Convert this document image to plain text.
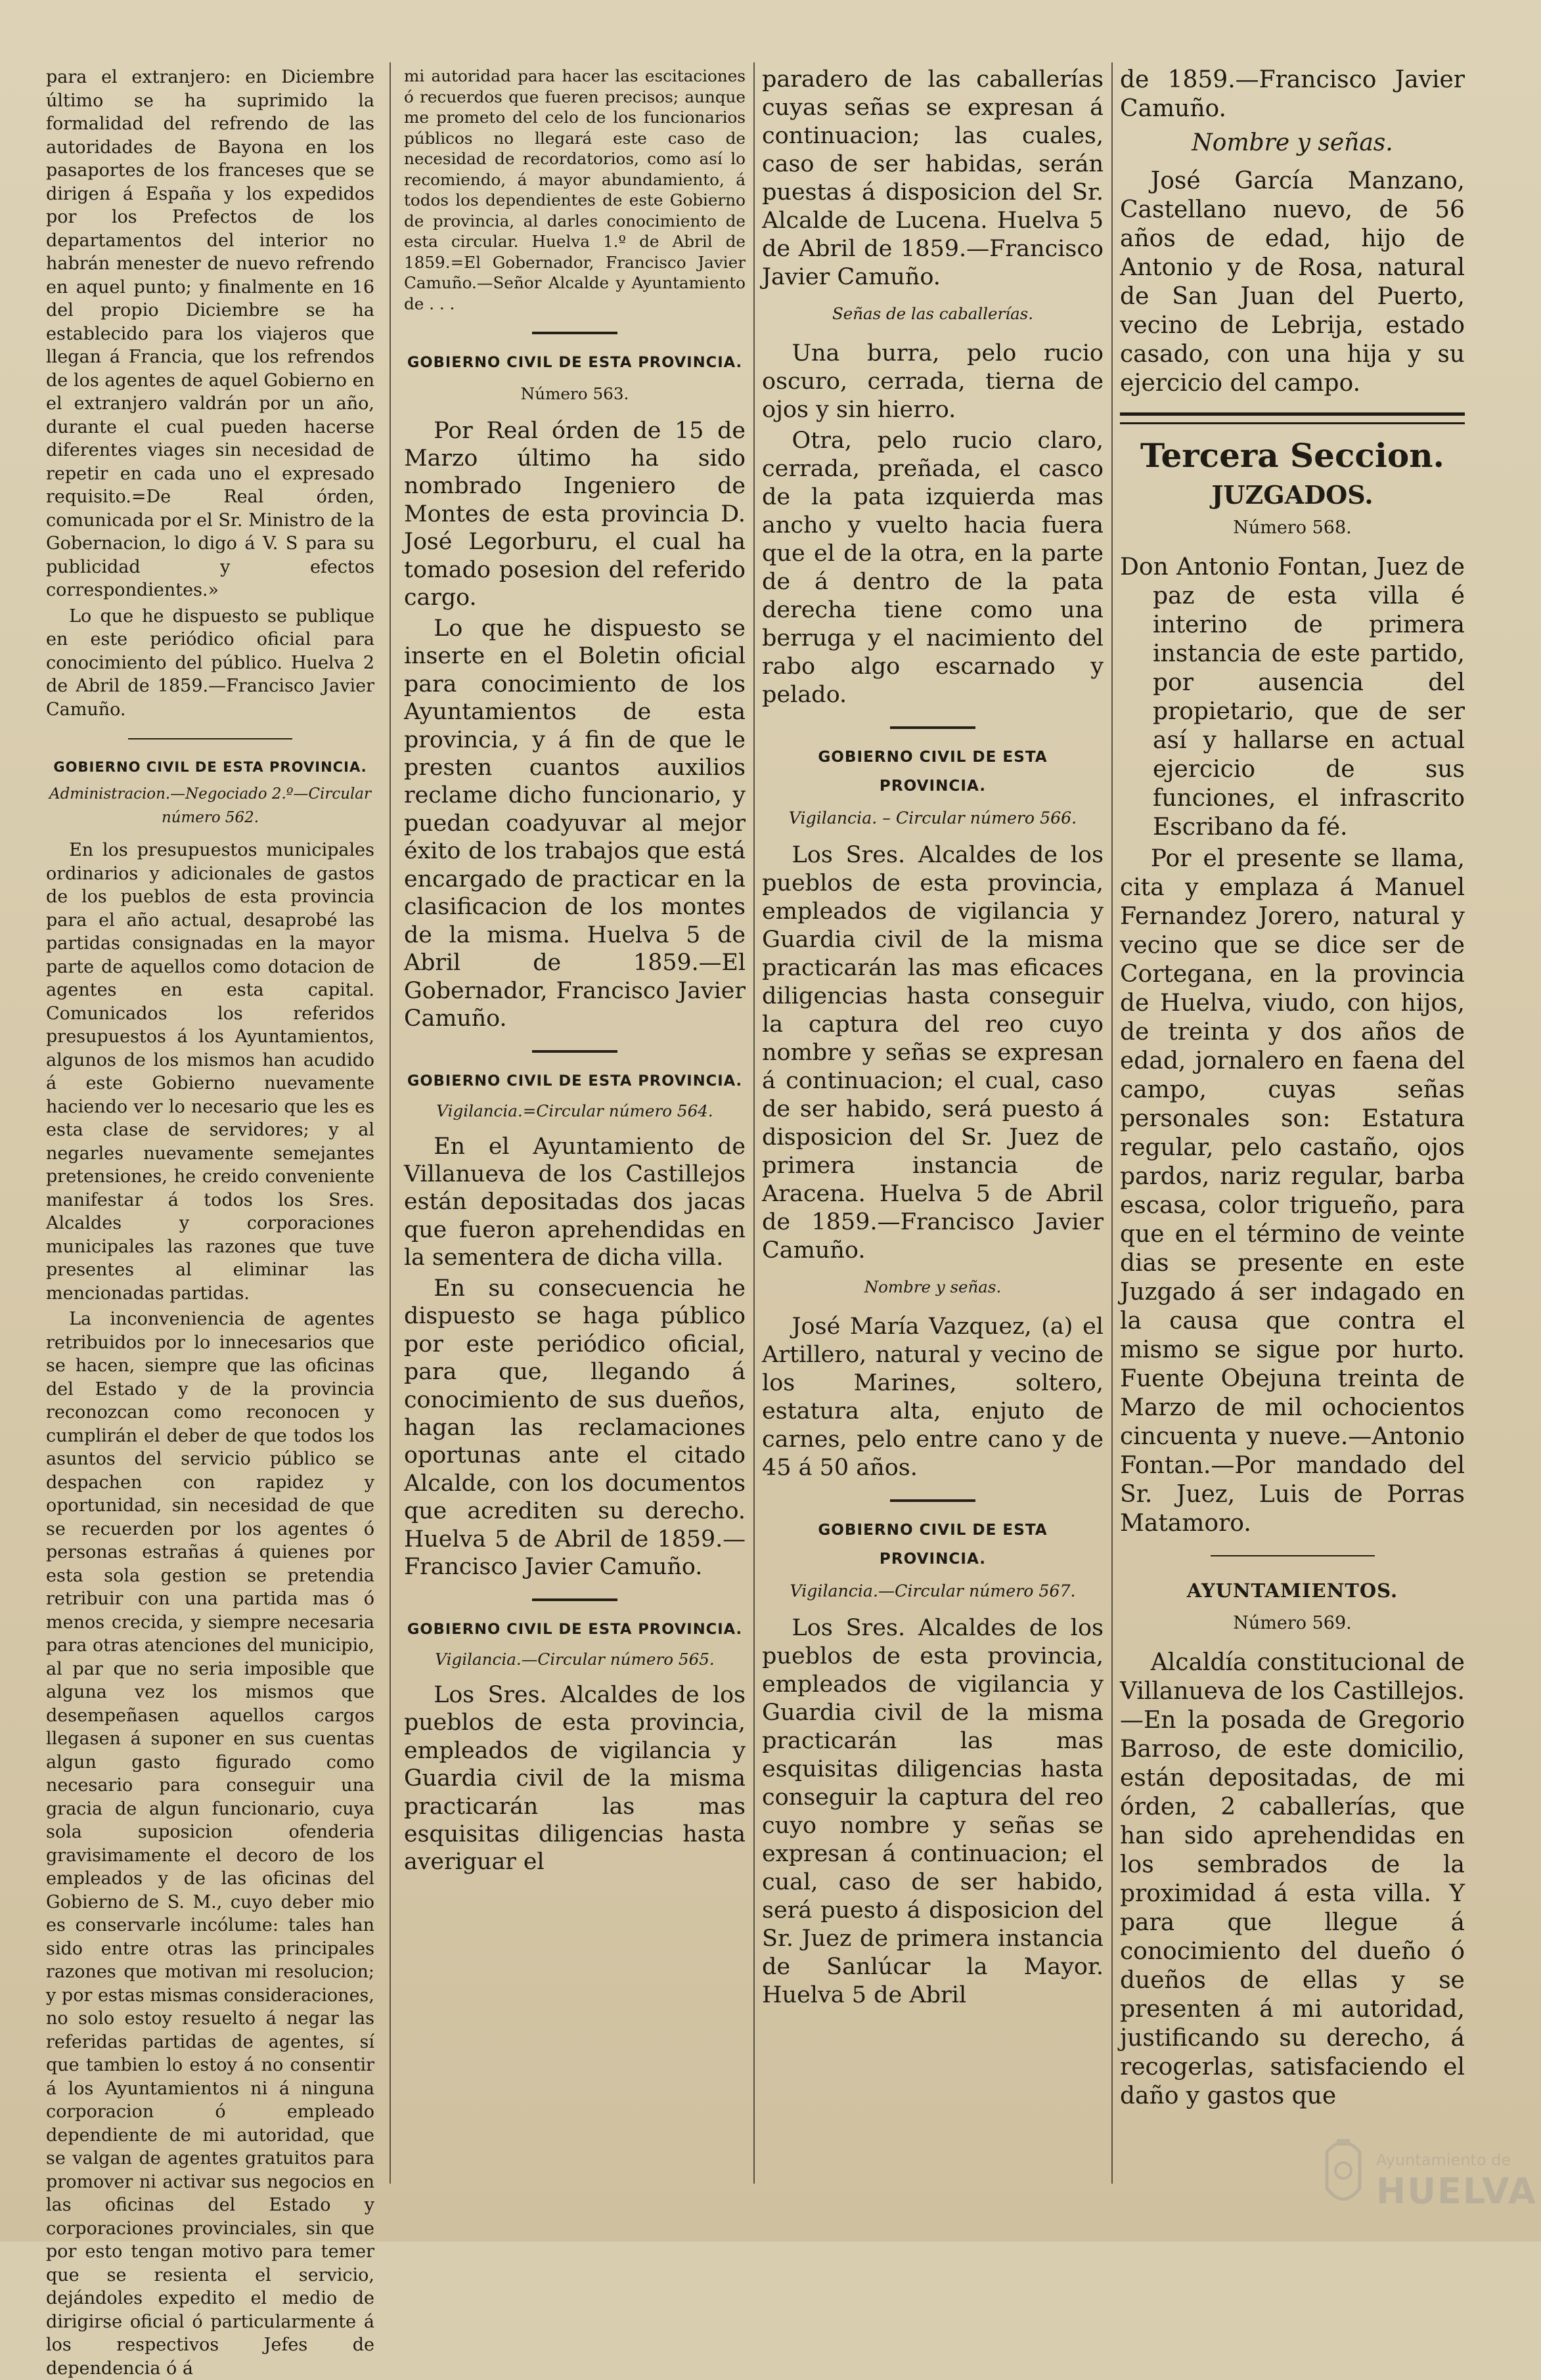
para el extranjero: en Diciembre último se ha suprimido la formalidad del refrendo de las autoridades de Bayona en los pasaportes de los franceses que se dirigen á España y los expedidos por los Prefectos de los departamentos del interior no habrán menester de nuevo refrendo en aquel punto; y finalmente en 16 del propio Diciembre se ha establecido para los viajeros que llegan á Francia, que los refrendos de los agentes de aquel Gobierno en el extranjero valdrán por un año, durante el cual pueden hacerse diferentes viages sin necesidad de repetir en cada uno el expresado requisito.=De Real órden, comunicada por el Sr. Ministro de la Gobernacion, lo digo á V. S para su publicidad y efectos correspondientes.»

Lo que he dispuesto se publique en este periódico oficial para conocimiento del público. Huelva 2 de Abril de 1859.—Francisco Javier Camuño.

GOBIERNO CIVIL DE ESTA PROVINCIA.
Administracion.—Negociado 2.º—Circular número 562.

En los presupuestos municipales ordinarios y adicionales de gastos de los pueblos de esta provincia para el año actual, desaprobé las partidas consignadas en la mayor parte de aquellos como dotacion de agentes en esta capital. Comunicados los referidos presupuestos á los Ayuntamientos, algunos de los mismos han acudido á este Gobierno nuevamente haciendo ver lo necesario que les es esta clase de servidores; y al negarles nuevamente semejantes pretensiones, he creido conveniente manifestar á todos los Sres. Alcaldes y corporaciones municipales las razones que tuve presentes al eliminar las mencionadas partidas.

La inconveniencia de agentes retribuidos por lo innecesarios que se hacen, siempre que las oficinas del Estado y de la provincia reconozcan como reconocen y cumplirán el deber de que todos los asuntos del servicio público se despachen con rapidez y oportunidad, sin necesidad de que se recuerden por los agentes ó personas estrañas á quienes por esta sola gestion se pretendia retribuir con una partida mas ó menos crecida, y siempre necesaria para otras atenciones del municipio, al par que no seria imposible que alguna vez los mismos que desempeñasen aquellos cargos llegasen á suponer en sus cuentas algun gasto figurado como necesario para conseguir una gracia de algun funcionario, cuya sola suposicion ofenderia gravisimamente el decoro de los empleados y de las oficinas del Gobierno de S. M., cuyo deber mio es conservarle incólume: tales han sido entre otras las principales razones que motivan mi resolucion; y por estas mismas consideraciones, no solo estoy resuelto á negar las referidas partidas de agentes, sí que tambien lo estoy á no consentir á los Ayuntamientos ni á ninguna corporacion ó empleado dependiente de mi autoridad, que se valgan de agentes gratuitos para promover ni activar sus negocios en las oficinas del Estado y corporaciones provinciales, sin que por esto tengan motivo para temer que se resienta el servicio, dejándoles expedito el medio de dirigirse oficial ó particularmente á los respectivos Jefes de dependencia ó á

mi autoridad para hacer las escitaciones ó recuerdos que fueren precisos; aunque me prometo del celo de los funcionarios públicos no llegará este caso de necesidad de recordatorios, como así lo recomiendo, á mayor abundamiento, á todos los dependientes de este Gobierno de provincia, al darles conocimiento de esta circular. Huelva 1.º de Abril de 1859.=El Gobernador, Francisco Javier Camuño.—Señor Alcalde y Ayuntamiento de . . .

GOBIERNO CIVIL DE ESTA PROVINCIA.
Número 563.

Por Real órden de 15 de Marzo último ha sido nombrado Ingeniero de Montes de esta provincia D. José Legorburu, el cual ha tomado posesion del referido cargo.

Lo que he dispuesto se inserte en el Boletin oficial para conocimiento de los Ayuntamientos de esta provincia, y á fin de que le presten cuantos auxilios reclame dicho funcionario, y puedan coadyuvar al mejor éxito de los trabajos que está encargado de practicar en la clasificacion de los montes de la misma. Huelva 5 de Abril de 1859.—El Gobernador, Francisco Javier Camuño.

GOBIERNO CIVIL DE ESTA PROVINCIA.
Vigilancia.=Circular número 564.

En el Ayuntamiento de Villanueva de los Castillejos están depositadas dos jacas que fueron aprehendidas en la sementera de dicha villa.

En su consecuencia he dispuesto se haga público por este periódico oficial, para que, llegando á conocimiento de sus dueños, hagan las reclamaciones oportunas ante el citado Alcalde, con los documentos que acrediten su derecho. Huelva 5 de Abril de 1859.—Francisco Javier Camuño.

GOBIERNO CIVIL DE ESTA PROVINCIA.
Vigilancia.—Circular número 565.

Los Sres. Alcaldes de los pueblos de esta provincia, empleados de vigilancia y Guardia civil de la misma practicarán las mas esquisitas diligencias hasta averiguar el

paradero de las caballerías cuyas señas se expresan á continuacion; las cuales, caso de ser habidas, serán puestas á disposicion del Sr. Alcalde de Lucena. Huelva 5 de Abril de 1859.—Francisco Javier Camuño.

Señas de las caballerías.

Una burra, pelo rucio oscuro, cerrada, tierna de ojos y sin hierro.

Otra, pelo rucio claro, cerrada, preñada, el casco de la pata izquierda mas ancho y vuelto hacia fuera que el de la otra, en la parte de á dentro de la pata derecha tiene como una berruga y el nacimiento del rabo algo escarnado y pelado.

GOBIERNO CIVIL DE ESTA PROVINCIA.
Vigilancia. – Circular número 566.

Los Sres. Alcaldes de los pueblos de esta provincia, empleados de vigilancia y Guardia civil de la misma practicarán las mas eficaces diligencias hasta conseguir la captura del reo cuyo nombre y señas se expresan á continuacion; el cual, caso de ser habido, será puesto á disposicion del Sr. Juez de primera instancia de Aracena. Huelva 5 de Abril de 1859.—Francisco Javier Camuño.

Nombre y señas.

José María Vazquez, (a) el Artillero, natural y vecino de los Marines, soltero, estatura alta, enjuto de carnes, pelo entre cano y de 45 á 50 años.

GOBIERNO CIVIL DE ESTA PROVINCIA.
Vigilancia.—Circular número 567.

Los Sres. Alcaldes de los pueblos de esta provincia, empleados de vigilancia y Guardia civil de la misma practicarán las mas esquisitas diligencias hasta conseguir la captura del reo cuyo nombre y señas se expresan á continuacion; el cual, caso de ser habido, será puesto á disposicion del Sr. Juez de primera instancia de Sanlúcar la Mayor. Huelva 5 de Abril

de 1859.—Francisco Javier Camuño.

Nombre y señas.

José García Manzano, Castellano nuevo, de 56 años de edad, hijo de Antonio y de Rosa, natural de San Juan del Puerto, vecino de Lebrija, estado casado, con una hija y su ejercicio del campo.

Tercera Seccion.
JUZGADOS.
Número 568.

Don Antonio Fontan, Juez de paz de esta villa é interino de primera instancia de este partido, por ausencia del propietario, que de ser así y hallarse en actual ejercicio de sus funciones, el infrascrito Escribano da fé.

Por el presente se llama, cita y emplaza á Manuel Fernandez Jorero, natural y vecino que se dice ser de Cortegana, en la provincia de Huelva, viudo, con hijos, de treinta y dos años de edad, jornalero en faena del campo, cuyas señas personales son: Estatura regular, pelo castaño, ojos pardos, nariz regular, barba escasa, color trigueño, para que en el término de veinte dias se presente en este Juzgado á ser indagado en la causa que contra el mismo se sigue por hurto. Fuente Obejuna treinta de Marzo de mil ochocientos cincuenta y nueve.—Antonio Fontan.—Por mandado del Sr. Juez, Luis de Porras Matamoro.

AYUNTAMIENTOS.
Número 569.

Alcaldía constitucional de Villanueva de los Castillejos.—En la posada de Gregorio Barroso, de este domicilio, están depositadas, de mi órden, 2 caballerías, que han sido aprehendidas en los sembrados de la proximidad á esta villa. Y para que llegue á conocimiento del dueño ó dueños de ellas y se presenten á mi autoridad, justificando su derecho, á recogerlas, satisfaciendo el daño y gastos que

Ayuntamiento de
HUELVA
